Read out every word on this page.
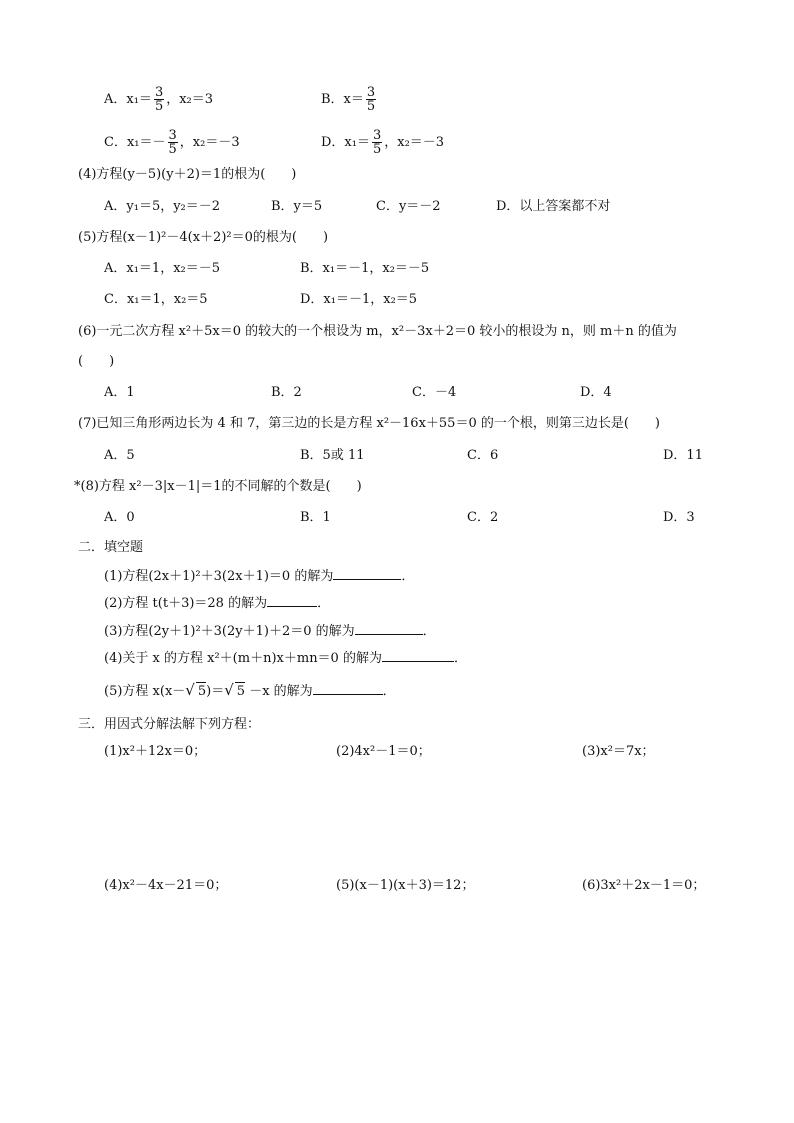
A．$x_1= \frac{3}{5}$ ，x₂＝3	B．$x= \frac{3}{5}$
C．$x_1=- \frac{3}{5}$ ，x₂＝－3	D．$x_1= \frac{3}{5}$ ，x₂＝－3
(4)方程(y－5)(y＋2)＝1的根为(　　)
A．y₁＝5，y₂＝－2	B．y＝5	C．y＝－2	D．以上答案都不对
(5)方程(x－1)²－4(x＋2)²＝0的根为(　　)
A．x₁＝1，x₂＝－5	B．x₁＝－1，x₂＝－5
C．x₁＝1，x₂＝5	D．x₁＝－1，x₂＝5
(6)一元二次方程 x²＋5x＝0 的较大的一个根设为 m，x²－3x＋2＝0 较小的根设为 n，则 m＋n 的值为
(　　)
A．1	B．2	C．－4	D．4
(7)已知三角形两边长为 4 和 7，第三边的长是方程 x²－16x＋55＝0 的一个根，则第三边长是(　　)
A．5	B．5或 11	C．6	D．11
*(8)方程 x²－3|x－1|＝1的不同解的个数是(　　)
A．0	B．1	C．2	D．3
二．填空题
(1)方程(2x＋1)²＋3(2x＋1)＝0 的解为	．
(2)方程 t(t＋3)＝28 的解为	．
(3)方程(2y＋1)²＋3(2y＋1)＋2＝0 的解为	．
(4)关于 x 的方程 x²＋(m＋n)x＋mn＝0 的解为	．
(5)方程 x(x－√ 5)＝√ 5 －x 的解为	．
三．用因式分解法解下列方程：
(1)x²＋12x＝0；	(2)4x²－1＝0；	(3)x²＝7x；
(4)x²－4x－21＝0；	(5)(x－1)(x＋3)＝12；	(6)3x²＋2x－1＝0；
